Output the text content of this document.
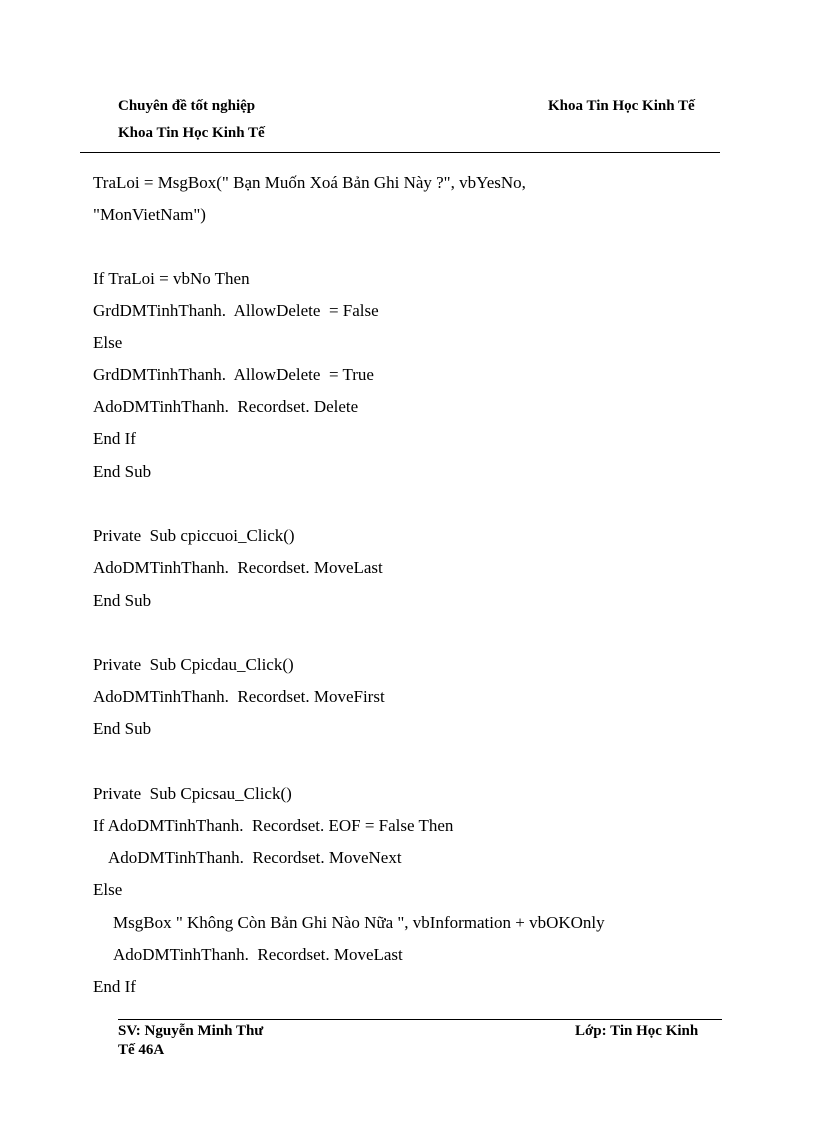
Chuyên đề tốt nghiệp	Khoa Tin Học Kinh Tế
Khoa Tin Học Kinh Tế
TraLoi = MsgBox(" Bạn Muốn Xoá Bản Ghi Này ?", vbYesNo,
"MonVietNam")
If TraLoi = vbNo Then
GrdDMTinhThanh.  AllowDelete  = False
Else
GrdDMTinhThanh.  AllowDelete  = True
AdoDMTinhThanh.  Recordset. Delete
End If
End Sub
Private  Sub cpiccuoi_Click()
AdoDMTinhThanh.  Recordset. MoveLast
End Sub
Private  Sub Cpicdau_Click()
AdoDMTinhThanh.  Recordset. MoveFirst
End Sub
Private  Sub Cpicsau_Click()
If AdoDMTinhThanh.  Recordset. EOF = False Then
AdoDMTinhThanh.  Recordset. MoveNext
Else
MsgBox " Không Còn Bản Ghi Nào Nữa ", vbInformation + vbOKOnly
AdoDMTinhThanh.  Recordset. MoveLast
End If
SV: Nguyễn Minh Thư	Lớp: Tin Học Kinh
Tế 46A
